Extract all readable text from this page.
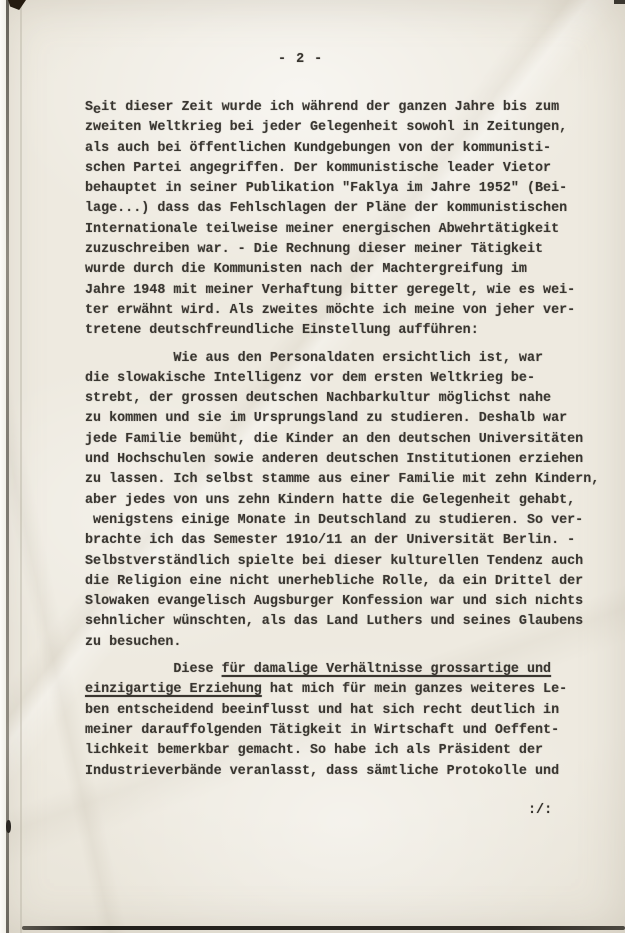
- 2 -
Seit dieser Zeit wurde ich während der ganzen Jahre bis zum
zweiten Weltkrieg bei jeder Gelegenheit sowohl in Zeitungen,
als auch bei öffentlichen Kundgebungen von der kommunisti-
schen Partei angegriffen. Der kommunistische leader Vietor
behauptet in seiner Publikation "Faklya im Jahre 1952" (Bei-
lage...) dass das Fehlschlagen der Pläne der kommunistischen
Internationale teilweise meiner energischen Abwehrtätigkeit
zuzuschreiben war. - Die Rechnung dieser meiner Tätigkeit
wurde durch die Kommunisten nach der Machtergreifung im
Jahre 1948 mit meiner Verhaftung bitter geregelt, wie es wei-
ter erwähnt wird. Als zweites möchte ich meine von jeher ver-
tretene deutschfreundliche Einstellung aufführen:
Wie aus den Personaldaten ersichtlich ist, war
die slowakische Intelligenz vor dem ersten Weltkrieg be-
strebt, der grossen deutschen Nachbarkultur möglichst nahe
zu kommen und sie im Ursprungsland zu studieren. Deshalb war
jede Familie bemüht, die Kinder an den deutschen Universitäten
und Hochschulen sowie anderen deutschen Institutionen erziehen
zu lassen. Ich selbst stamme aus einer Familie mit zehn Kindern,
aber jedes von uns zehn Kindern hatte die Gelegenheit gehabt,
wenigstens einige Monate in Deutschland zu studieren. So ver-
brachte ich das Semester 191o/11 an der Universität Berlin. -
Selbstverständlich spielte bei dieser kulturellen Tendenz auch
die Religion eine nicht unerhebliche Rolle, da ein Drittel der
Slowaken evangelisch Augsburger Konfession war und sich nichts
sehnlicher wünschten, als das Land Luthers und seines Glaubens
zu besuchen.
Diese für damalige Verhältnisse grossartige und
einzigartige Erziehung hat mich für mein ganzes weiteres Le-
ben entscheidend beeinflusst und hat sich recht deutlich in
meiner darauffolgenden Tätigkeit in Wirtschaft und Oeffent-
lichkeit bemerkbar gemacht. So habe ich als Präsident der
Industrieverbände veranlasst, dass sämtliche Protokolle und
:/:
